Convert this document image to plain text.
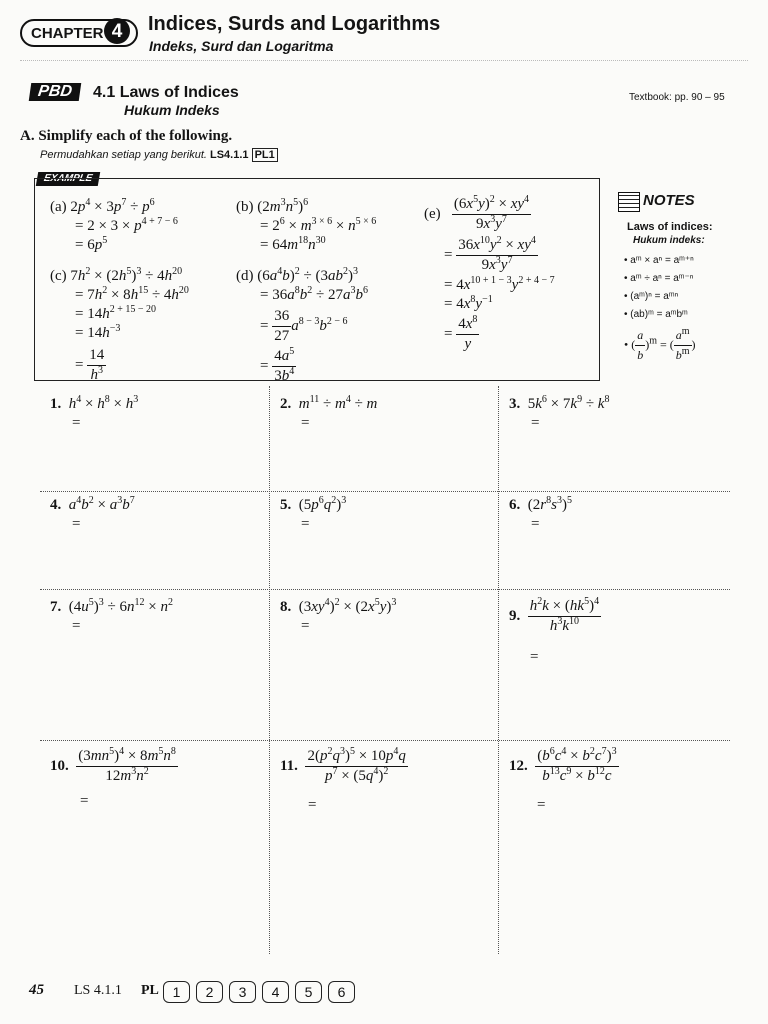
CHAPTER 4	Indices, Surds and Logarithms
Indeks, Surd dan Logaritma
PBD	4.1 Laws of Indices
Hukum Indeks
Textbook: pp. 90 – 95
A. Simplify each of the following.
Permudahkan setiap yang berikut. LS4.1.1 PL1
EXAMPLE
(a) $2p^4 \times 3p^7 \div p^6$
= $2 \times 3 \times p^{4 + 7 - 6}$
= $6p^5$
(b) $(2m^3n^5)^6$
= $2^6 \times m^{3 \times 6} \times n^{5 \times 6}$
= $64m^{18}n^{30}$
(c) $7h^2 \times (2h^5)^3 \div 4h^{20}$
= $7h^2 \times 8h^{15} \div 4h^{20}$
= $14h^{2 + 15 - 20}$
= $14h^{-3}$
= $\frac{14}{h^3}$
(d) $(6a^4b)^2 \div (3ab^2)^3$
= $36a^8b^2 \div 27a^3b^6$
= $\frac{36}{27} a^{8 - 3}b^{2 - 6}$
= $\frac{4a^5}{3b^4}$
$(e) \frac{(6x^5y)^2 \times xy^4}{9x^3y^7}$
= $\frac{36x^{10}y^2 \times xy^4}{9x^3y^7}$
= $4x^{10 + 1 - 3}y^{2 + 4 - 7}$
= $4x^8y^{-1}$
= $\frac{4x^8}{y}$
NOTES
Laws of indices:
Hukum indeks:
• aᵐ × aⁿ = aᵐ⁺ⁿ
• aᵐ ÷ aⁿ = aᵐ⁻ⁿ
• (aᵐ)ⁿ = aᵐⁿ
• (ab)ᵐ = aᵐbᵐ
• ( $\frac{a}{b} )^m$ = ( $\frac{a^m}{b^m}$ )
1. $h^4 \times h^8 \times h^3$
=
2. $m^{11} \div m^4 \div m$
=
3.  $5k^6 \times 7k^9 \div k^8$
=
4. $a^4b^2 \times a^3b^7$
=
5.  $(5p^6q^2)^3$
=
6.  $(2r^8s^3)^5$
=
7.  $(4u^5)^3 \div 6n^{12} \times n^2$
=
8.  $(3xy^4)^2 \times (2x^5y)^3$
=
9. $\frac{h^2k \times (hk^5)^4}{h^3k^{10}}$
=
10. $\frac{(3mn^5)^4 \times 8m^5n^8}{12m^3n^2}$
=
11. $\frac{2(p^2q^3)^5 \times 10p^4q}{p^7 \times (5q^4)^2}$
=
12. $\frac{(b^6c^4 \times b^2c^7)^3}{b^{13}c^9 \times b^{12}c}$
=
45 LS 4.1.1 PL 1 2 3 4 5 6
